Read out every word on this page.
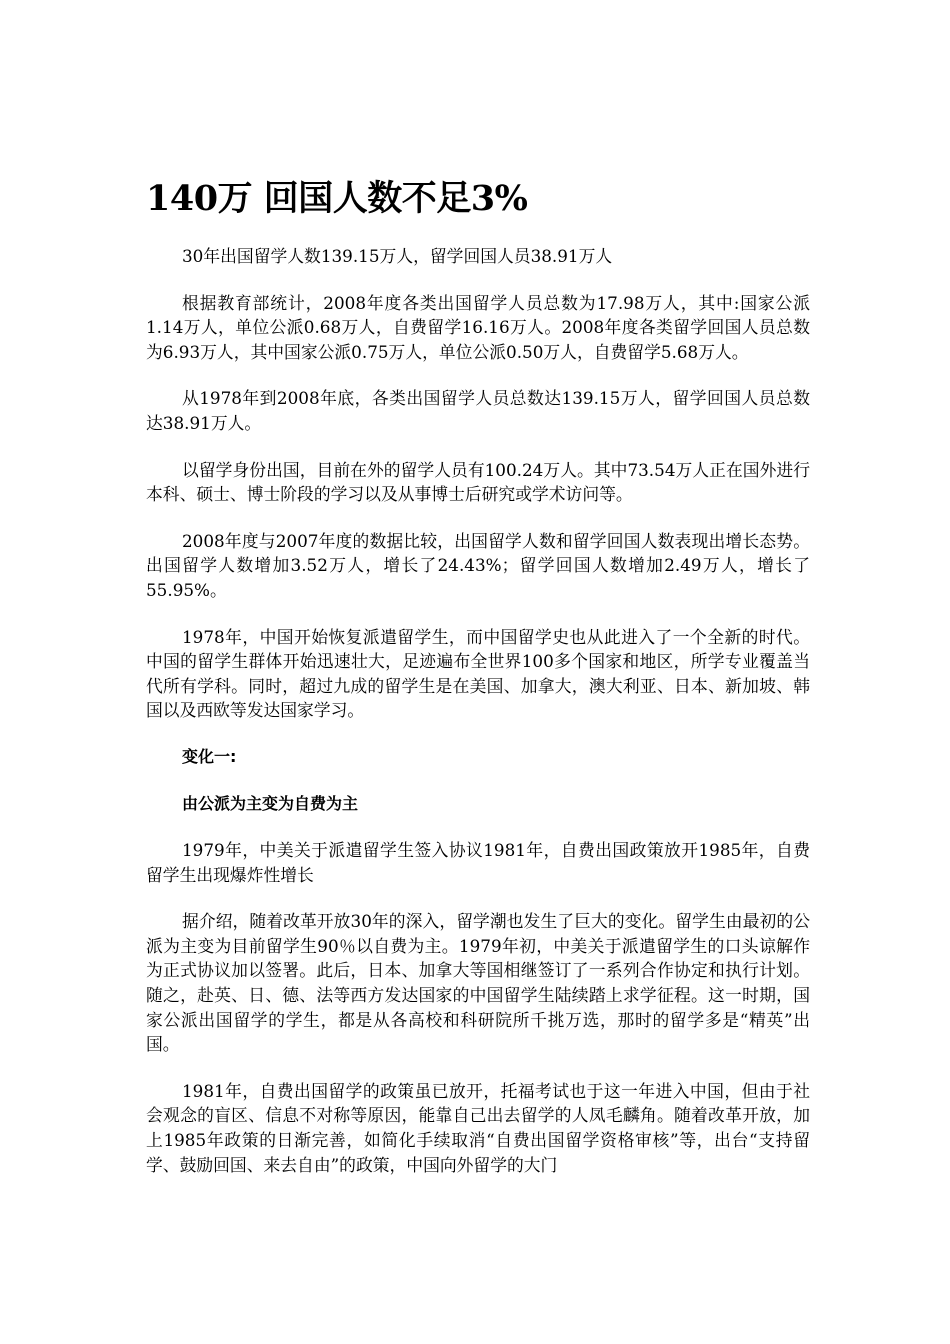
140万 回国人数不足3%

30年出国留学人数139.15万人，留学回国人员38.91万人

根据教育部统计，2008年度各类出国留学人员总数为17.98万人，其中:国家公派1.14万人，单位公派0.68万人，自费留学16.16万人。2008年度各类留学回国人员总数为6.93万人，其中国家公派0.75万人，单位公派0.50万人，自费留学5.68万人。

从1978年到2008年底，各类出国留学人员总数达139.15万人，留学回国人员总数达38.91万人。

以留学身份出国，目前在外的留学人员有100.24万人。其中73.54万人正在国外进行本科、硕士、博士阶段的学习以及从事博士后研究或学术访问等。

2008年度与2007年度的数据比较，出国留学人数和留学回国人数表现出增长态势。出国留学人数增加3.52万人，增长了24.43%；留学回国人数增加2.49万人，增长了55.95%。

1978年，中国开始恢复派遣留学生，而中国留学史也从此进入了一个全新的时代。中国的留学生群体开始迅速壮大，足迹遍布全世界100多个国家和地区，所学专业覆盖当代所有学科。同时，超过九成的留学生是在美国、加拿大，澳大利亚、日本、新加坡、韩国以及西欧等发达国家学习。

变化一:

由公派为主变为自费为主

1979年，中美关于派遣留学生签入协议1981年，自费出国政策放开1985年，自费留学生出现爆炸性增长

据介绍，随着改革开放30年的深入，留学潮也发生了巨大的变化。留学生由最初的公派为主变为目前留学生90％以自费为主。1979年初，中美关于派遣留学生的口头谅解作为正式协议加以签署。此后，日本、加拿大等国相继签订了一系列合作协定和执行计划。随之，赴英、日、德、法等西方发达国家的中国留学生陆续踏上求学征程。这一时期，国家公派出国留学的学生，都是从各高校和科研院所千挑万选，那时的留学多是“精英”出国。

1981年，自费出国留学的政策虽已放开，托福考试也于这一年进入中国，但由于社会观念的盲区、信息不对称等原因，能靠自己出去留学的人凤毛麟角。随着改革开放，加上1985年政策的日渐完善，如简化手续取消“自费出国留学资格审核”等，出台“支持留学、鼓励回国、来去自由”的政策，中国向外留学的大门
